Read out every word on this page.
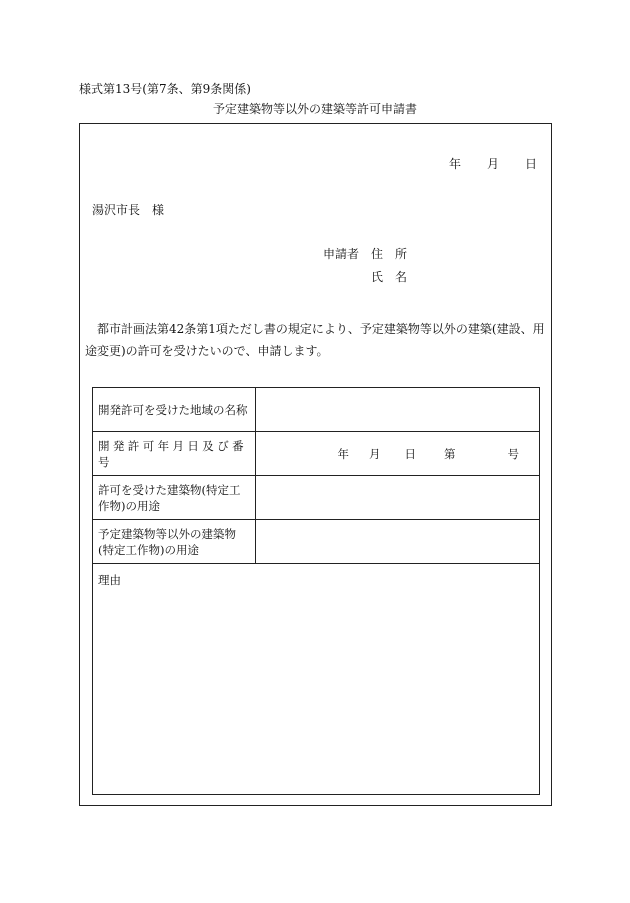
様式第13号(第7条、第9条関係)
予定建築物等以外の建築等許可申請書
年 月 日
湯沢市長　様
申請者　住　所
氏　名
都市計画法第42条第1項ただし書の規定により、予定建築物等以外の建築(建設、用途変更)の許可を受けたいので、申請します。
開発許可を受けた地域の名称	
開発許可年月日及び番号	年 月 日 第 号

許可を受けた建築物(特定工作物)の用途	
予定建築物等以外の建築物(特定工作物)の用途	
理由	
